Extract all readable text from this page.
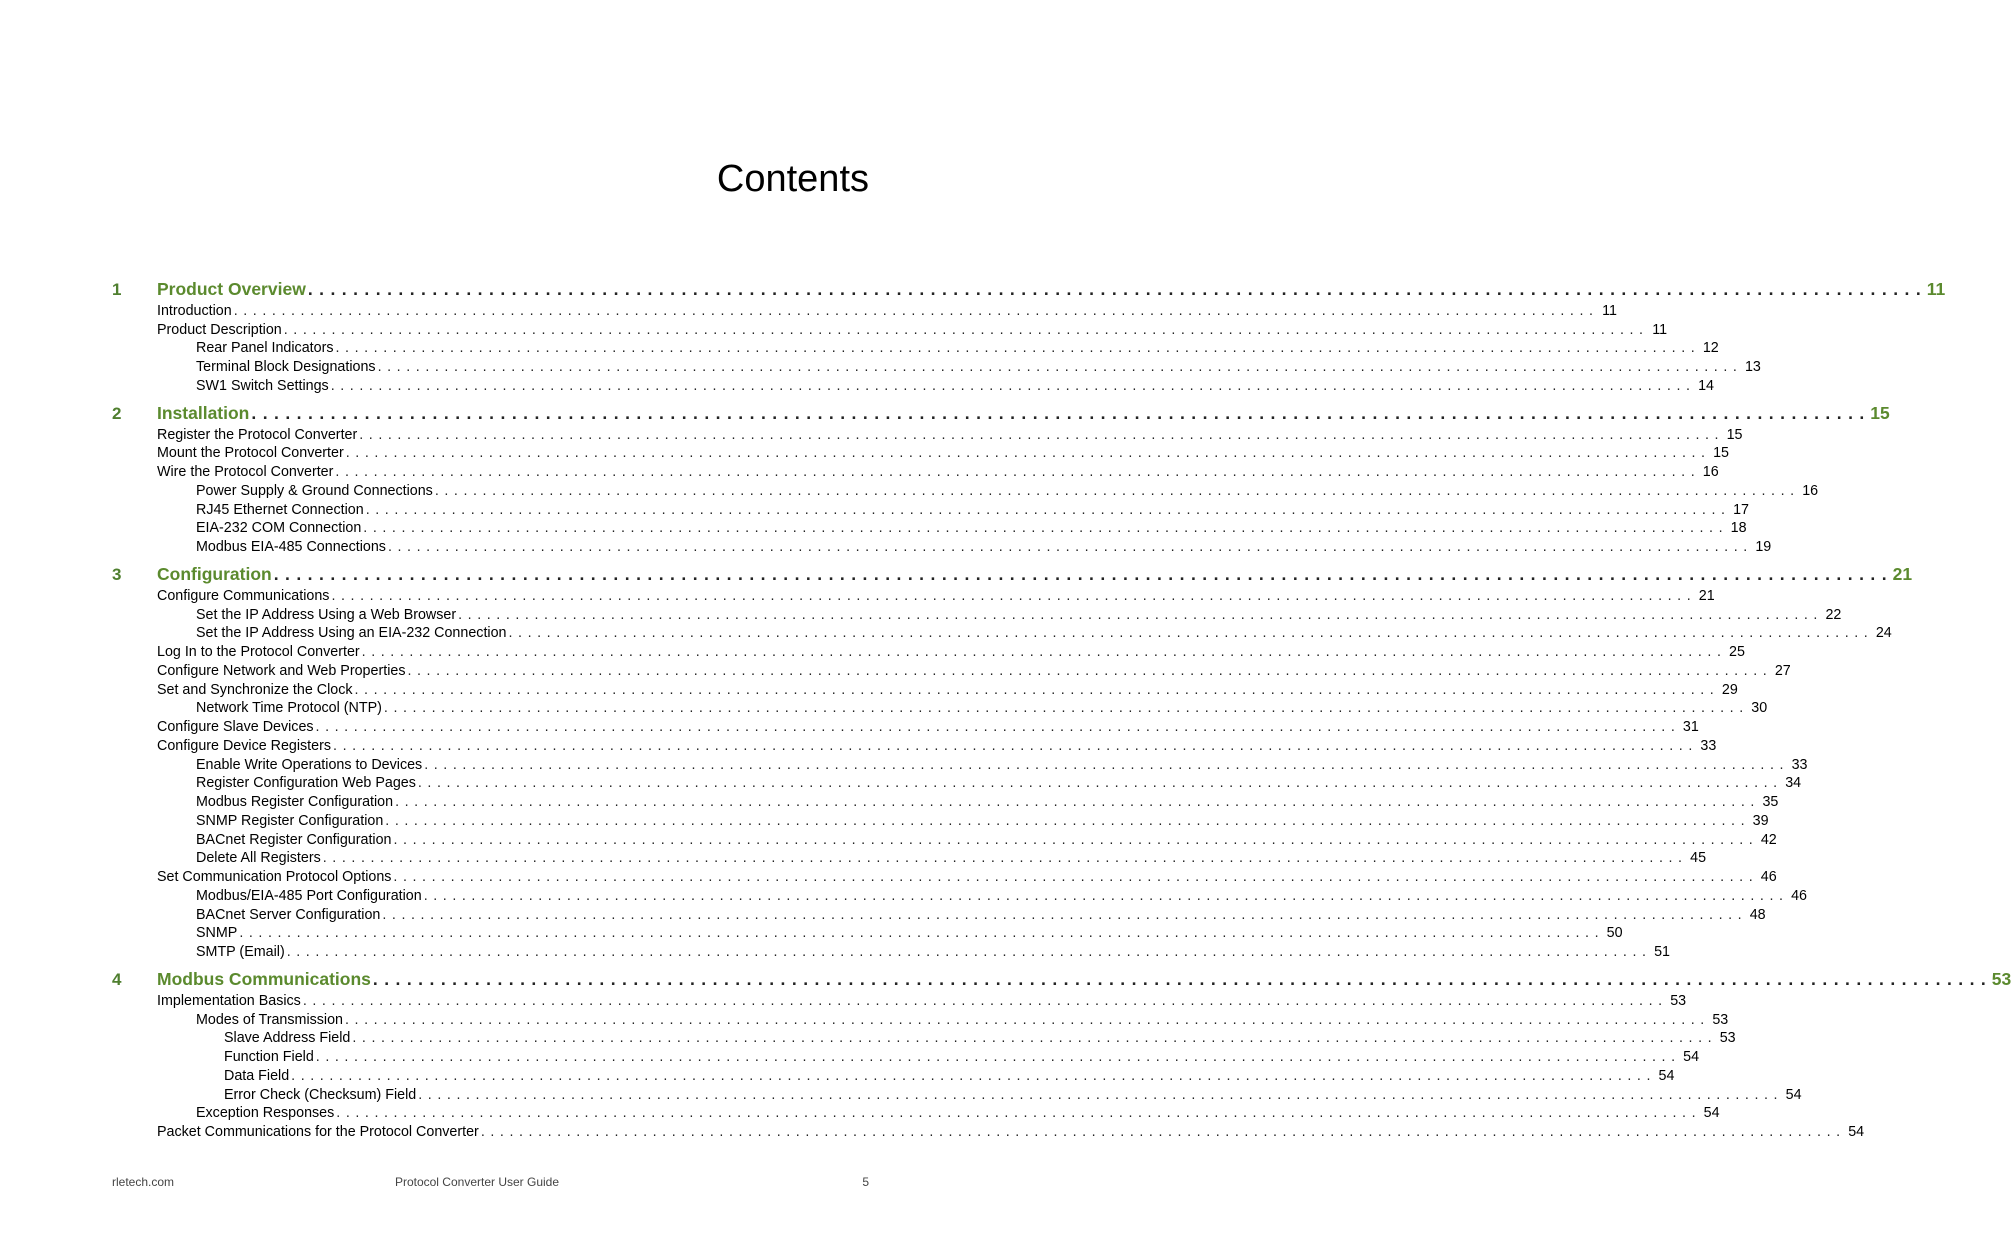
Contents
1	Product Overview . . .	11
Introduction . . .	11
Product Description . . .	11
Rear Panel Indicators . . .	12
Terminal Block Designations . . .	13
SW1 Switch Settings . . .	14
2	Installation . . .	15
Register the Protocol Converter . . .	15
Mount the Protocol Converter . . .	15
Wire the Protocol Converter . . .	16
Power Supply & Ground Connections . . .	16
RJ45 Ethernet Connection . . .	17
EIA-232 COM Connection . . .	18
Modbus EIA-485 Connections . . .	19
3	Configuration . . .	21
Configure Communications . . .	21
Set the IP Address Using a Web Browser . . .	22
Set the IP Address Using an EIA-232 Connection . . .	24
Log In to the Protocol Converter . . .	25
Configure Network and Web Properties . . .	27
Set and Synchronize the Clock . . .	29
Network Time Protocol (NTP) . . .	30
Configure Slave Devices . . .	31
Configure Device Registers . . .	33
Enable Write Operations to Devices . . .	33
Register Configuration Web Pages . . .	34
Modbus Register Configuration . . .	35
SNMP Register Configuration . . .	39
BACnet Register Configuration . . .	42
Delete All Registers . . .	45
Set Communication Protocol Options . . .	46
Modbus/EIA-485 Port Configuration . . .	46
BACnet Server Configuration . . .	48
SNMP . . .	50
SMTP (Email) . . .	51
4	Modbus Communications . . .	53
Implementation Basics . . .	53
Modes of Transmission . . .	53
Slave Address Field . . .	53
Function Field . . .	54
Data Field . . .	54
Error Check (Checksum) Field . . .	54
Exception Responses . . .	54
Packet Communications for the Protocol Converter . . .	54
rletech.com	Protocol Converter User Guide	5
